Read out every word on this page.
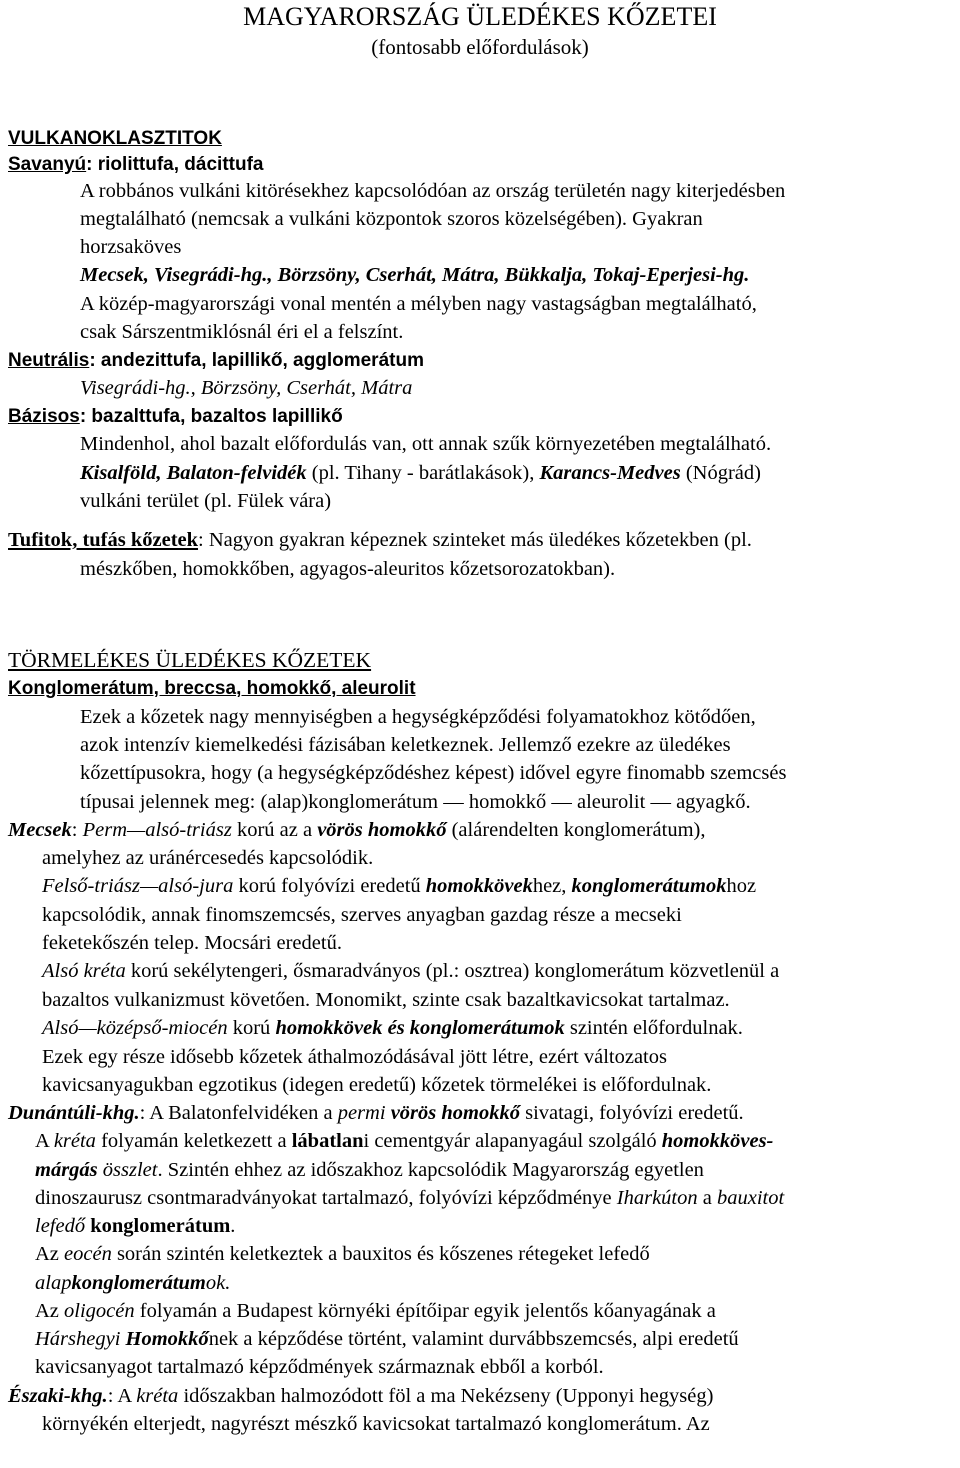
MAGYARORSZÁG ÜLEDÉKES KŐZETEI
(fontosabb előfordulások)
VULKANOKLASZTITOK
Savanyú: riolittufa, dácittufa
A robbános vulkáni kitörésekhez kapcsolódóan az ország területén nagy kiterjedésben
megtalálható (nemcsak a vulkáni központok szoros közelségében). Gyakran
horzsaköves
Mecsek, Visegrádi-hg., Börzsöny, Cserhát, Mátra, Bükkalja, Tokaj-Eperjesi-hg.
A közép-magyarországi vonal mentén a mélyben nagy vastagságban megtalálható,
csak Sárszentmiklósnál éri el a felszínt.
Neutrális: andezittufa, lapillikő, agglomerátum
Visegrádi-hg., Börzsöny, Cserhát, Mátra
Bázisos: bazalttufa, bazaltos lapillikő
Mindenhol, ahol bazalt előfordulás van, ott annak szűk környezetében megtalálható.
Kisalföld, Balaton-felvidék (pl. Tihany - barátlakások), Karancs-Medves (Nógrád)
vulkáni terület (pl. Fülek vára)
Tufitok, tufás kőzetek: Nagyon gyakran képeznek szinteket más üledékes kőzetekben (pl.
mészkőben, homokkőben, agyagos-aleuritos kőzetsorozatokban).
TÖRMELÉKES ÜLEDÉKES KŐZETEK
Konglomerátum, breccsa, homokkő, aleurolit
Ezek a kőzetek nagy mennyiségben a hegységképződési folyamatokhoz kötődően,
azok intenzív kiemelkedési fázisában keletkeznek. Jellemző ezekre az üledékes
kőzettípusokra, hogy (a hegységképződéshez képest) idővel egyre finomabb szemcsés
típusai jelennek meg: (alap)konglomerátum — homokkő — aleurolit — agyagkő.
Mecsek: Perm—alsó-triász korú az a vörös homokkő (alárendelten konglomerátum),
amelyhez az uránércesedés kapcsolódik.
Felső-triász—alsó-jura korú folyóvízi eredetű homokkövekhez, konglomerátumokhoz
kapcsolódik, annak finomszemcsés, szerves anyagban gazdag része a mecseki
feketekőszén telep. Mocsári eredetű.
Alsó kréta korú sekélytengeri, ősmaradványos (pl.: osztrea) konglomerátum közvetlenül a
bazaltos vulkanizmust követően. Monomikt, szinte csak bazaltkavicsokat tartalmaz.
Alsó—középső-miocén korú homokkövek és konglomerátumok szintén előfordulnak.
Ezek egy része idősebb kőzetek áthalmozódásával jött létre, ezért változatos
kavicsanyagukban egzotikus (idegen eredetű) kőzetek törmelékei is előfordulnak.
Dunántúli-khg.: A Balatonfelvidéken a permi vörös homokkő sivatagi, folyóvízi eredetű.
A kréta folyamán keletkezett a lábatlani cementgyár alapanyagául szolgáló homokköves-
márgás összlet. Szintén ehhez az időszakhoz kapcsolódik Magyarország egyetlen
dinoszaurusz csontmaradványokat tartalmazó, folyóvízi képződménye Iharkúton a bauxitot
lefedő konglomerátum.
Az eocén során szintén keletkeztek a bauxitos és kőszenes rétegeket lefedő
alapkonglomerátumok.
Az oligocén folyamán a Budapest környéki építőipar egyik jelentős kőanyagának a
Hárshegyi Homokkőnek a képződése történt, valamint durvábbszemcsés, alpi eredetű
kavicsanyagot tartalmazó képződmények származnak ebből a korból.
Északi-khg.: A kréta időszakban halmozódott föl a ma Nekézseny (Upponyi hegység)
környékén elterjedt, nagyrészt mészkő kavicsokat tartalmazó konglomerátum. Az
